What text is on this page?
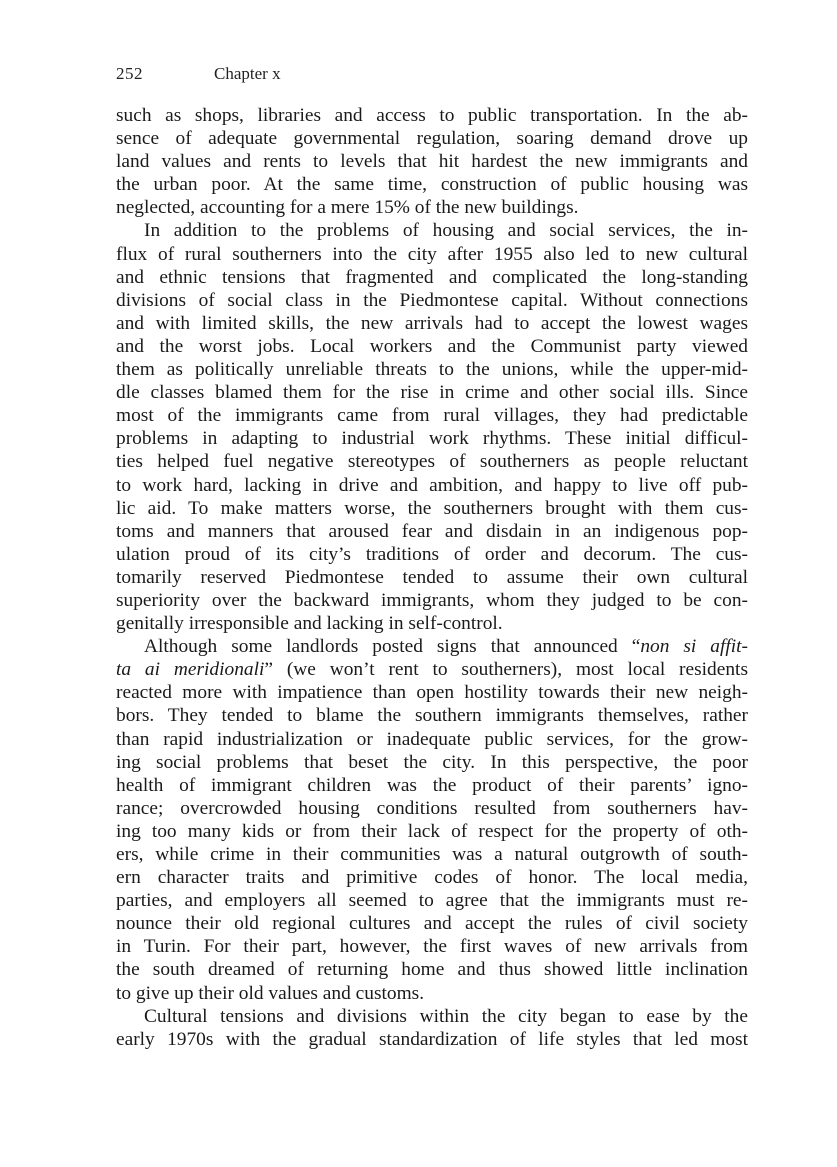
252	Chapter x
such as shops, libraries and access to public transportation. In the ab-
sence of adequate governmental regulation, soaring demand drove up
land values and rents to levels that hit hardest the new immigrants and
the urban poor. At the same time, construction of public housing was
neglected, accounting for a mere 15% of the new buildings.
In addition to the problems of housing and social services, the in-
flux of rural southerners into the city after 1955 also led to new cultural
and ethnic tensions that fragmented and complicated the long-standing
divisions of social class in the Piedmontese capital. Without connections
and with limited skills, the new arrivals had to accept the lowest wages
and the worst jobs. Local workers and the Communist party viewed
them as politically unreliable threats to the unions, while the upper-mid-
dle classes blamed them for the rise in crime and other social ills. Since
most of the immigrants came from rural villages, they had predictable
problems in adapting to industrial work rhythms. These initial difficul-
ties helped fuel negative stereotypes of southerners as people reluctant
to work hard, lacking in drive and ambition, and happy to live off pub-
lic aid. To make matters worse, the southerners brought with them cus-
toms and manners that aroused fear and disdain in an indigenous pop-
ulation proud of its city’s traditions of order and decorum. The cus-
tomarily reserved Piedmontese tended to assume their own cultural
superiority over the backward immigrants, whom they judged to be con-
genitally irresponsible and lacking in self-control.
Although some landlords posted signs that announced “non si affit-
ta ai meridionali” (we won’t rent to southerners), most local residents
reacted more with impatience than open hostility towards their new neigh-
bors. They tended to blame the southern immigrants themselves, rather
than rapid industrialization or inadequate public services, for the grow-
ing social problems that beset the city. In this perspective, the poor
health of immigrant children was the product of their parents’ igno-
rance; overcrowded housing conditions resulted from southerners hav-
ing too many kids or from their lack of respect for the property of oth-
ers, while crime in their communities was a natural outgrowth of south-
ern character traits and primitive codes of honor. The local media,
parties, and employers all seemed to agree that the immigrants must re-
nounce their old regional cultures and accept the rules of civil society
in Turin. For their part, however, the first waves of new arrivals from
the south dreamed of returning home and thus showed little inclination
to give up their old values and customs.
Cultural tensions and divisions within the city began to ease by the
early 1970s with the gradual standardization of life styles that led most
